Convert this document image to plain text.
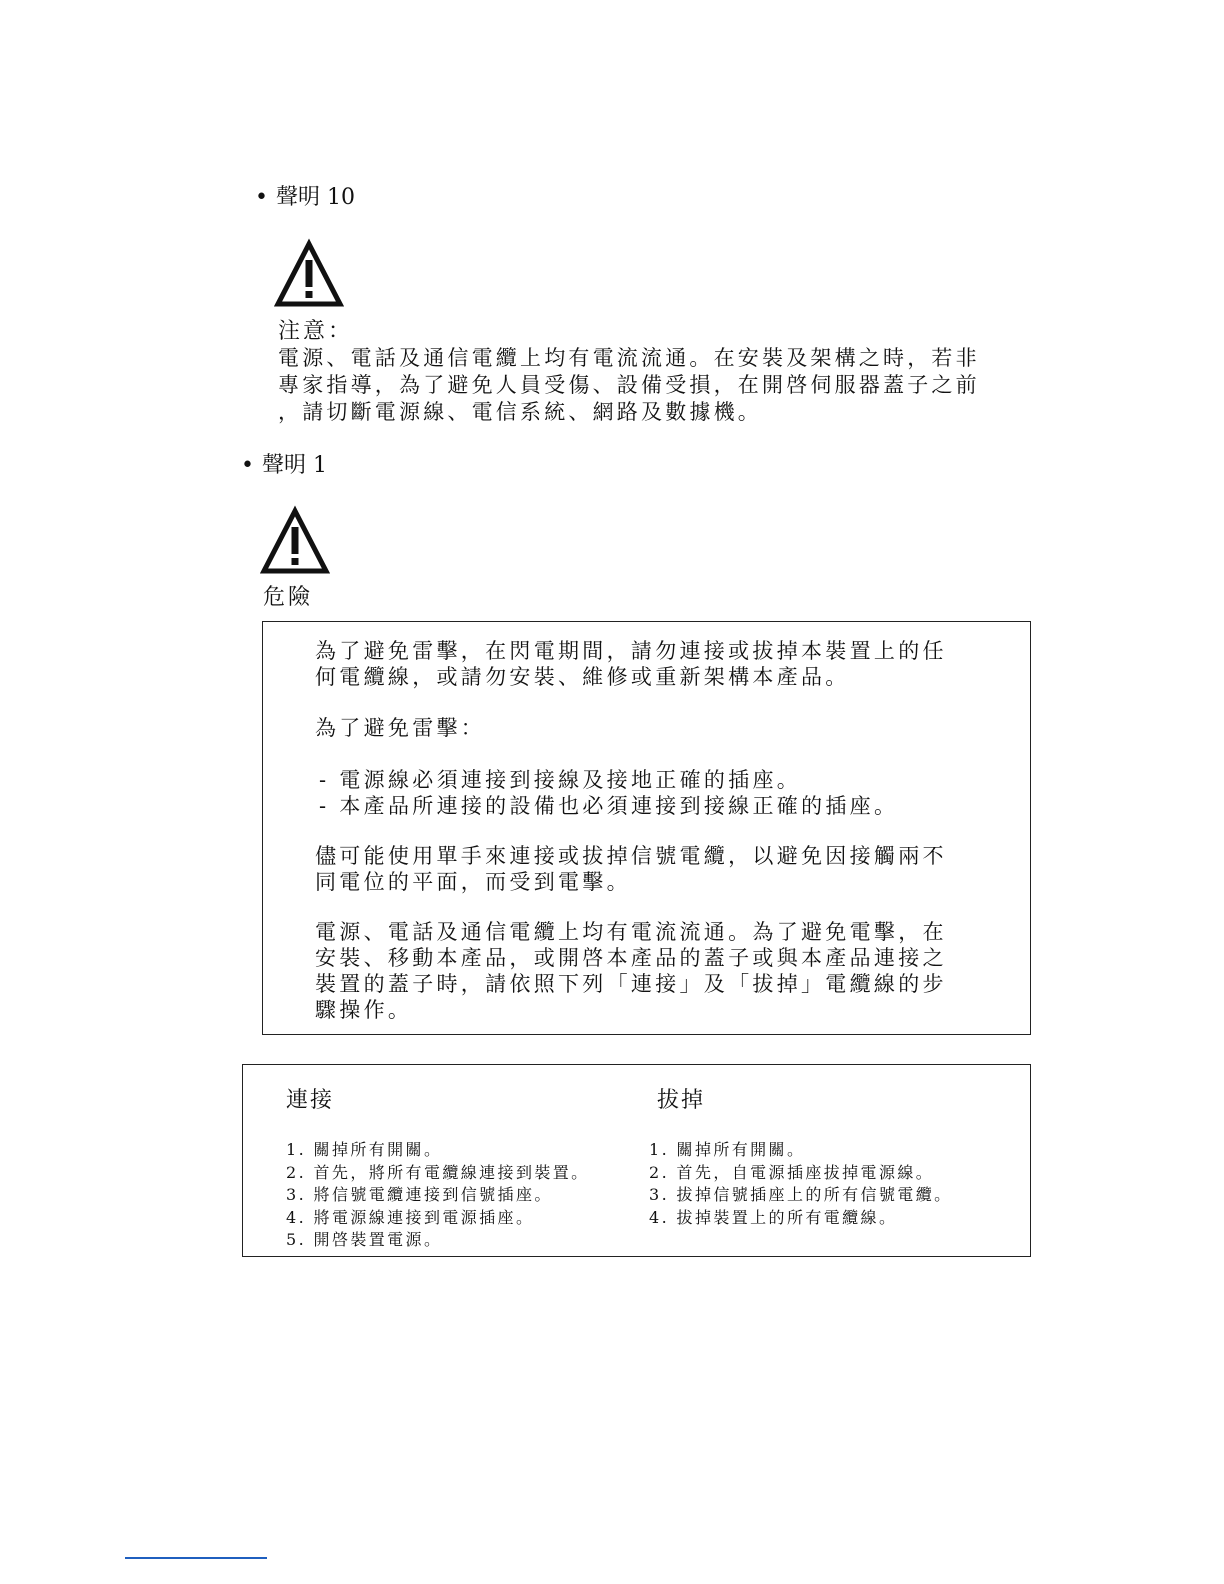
• 聲明 10
注意：
電源、電話及通信電纜上均有電流流通。在安裝及架構之時，若非
專家指導，為了避免人員受傷、設備受損，在開啓伺服器蓋子之前
，請切斷電源線、電信系統、網路及數據機。
• 聲明 1
危險
為了避免雷擊，在閃電期間，請勿連接或拔掉本裝置上的任
何電纜線，或請勿安裝、維修或重新架構本產品。
為了避免雷擊：
- 電源線必須連接到接線及接地正確的插座。
- 本產品所連接的設備也必須連接到接線正確的插座。
儘可能使用單手來連接或拔掉信號電纜，以避免因接觸兩不
同電位的平面，而受到電擊。
電源、電話及通信電纜上均有電流流通。為了避免電擊，在
安裝、移動本產品，或開啓本產品的蓋子或與本產品連接之
裝置的蓋子時，請依照下列「連接」及「拔掉」電纜線的步
驟操作。
連接
1. 關掉所有開關。
2. 首先，將所有電纜線連接到裝置。
3. 將信號電纜連接到信號插座。
4. 將電源線連接到電源插座。
5. 開啓裝置電源。
拔掉
1. 關掉所有開關。
2. 首先，自電源插座拔掉電源線。
3. 拔掉信號插座上的所有信號電纜。
4. 拔掉裝置上的所有電纜線。
